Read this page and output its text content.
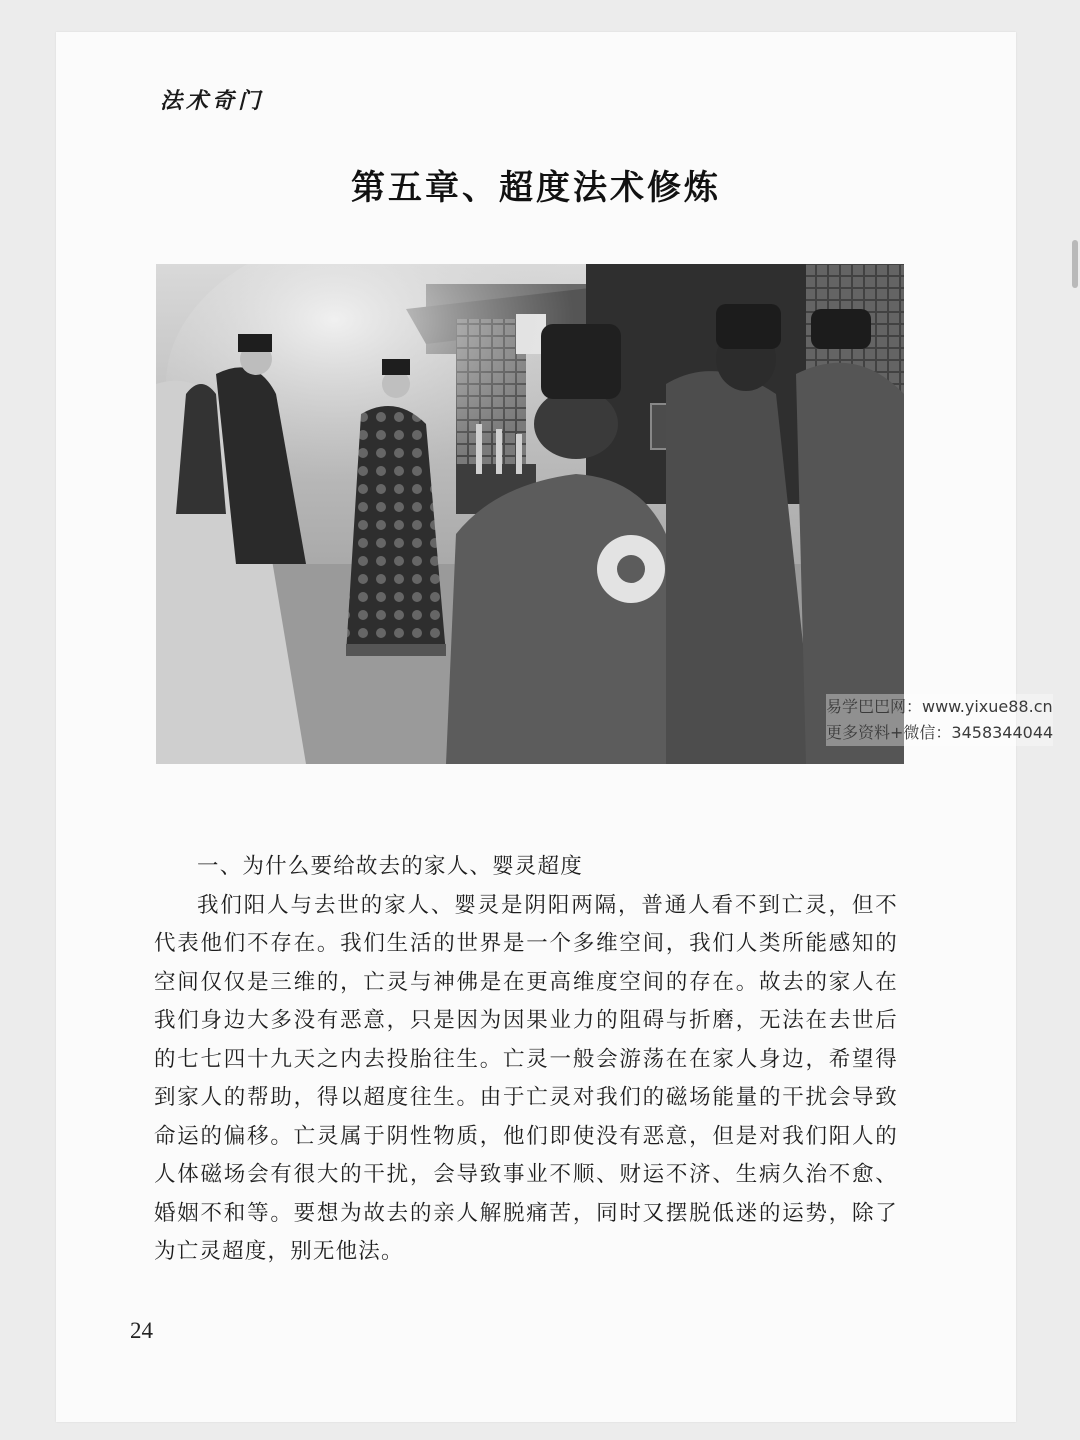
法术奇门
第五章、超度法术修炼
一、为什么要给故去的家人、婴灵超度
我们阳人与去世的家人、婴灵是阴阳两隔，普通人看不到亡灵，但不代表他们不存在。我们生活的世界是一个多维空间，我们人类所能感知的空间仅仅是三维的，亡灵与神佛是在更高维度空间的存在。故去的家人在我们身边大多没有恶意，只是因为因果业力的阻碍与折磨，无法在去世后的七七四十九天之内去投胎往生。亡灵一般会游荡在在家人身边，希望得到家人的帮助，得以超度往生。由于亡灵对我们的磁场能量的干扰会导致命运的偏移。亡灵属于阴性物质，他们即使没有恶意，但是对我们阳人的人体磁场会有很大的干扰，会导致事业不顺、财运不济、生病久治不愈、婚姻不和等。要想为故去的亲人解脱痛苦，同时又摆脱低迷的运势，除了为亡灵超度，别无他法。
24
易学巴巴网：www.yixue88.cn
更多资料+微信：3458344044
